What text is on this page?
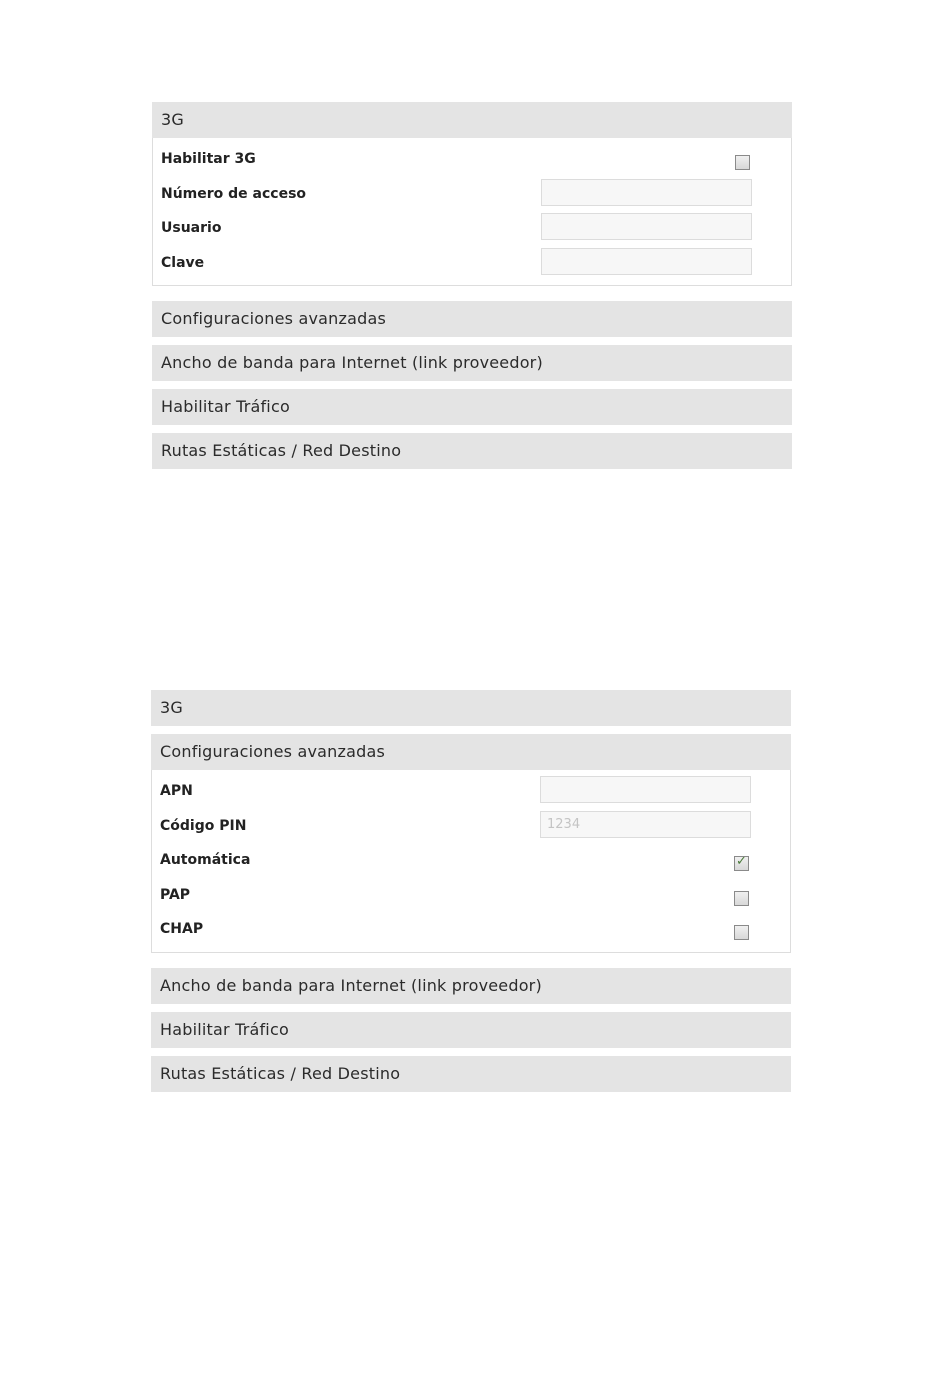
3G
Habilitar 3G
Número de acceso
Usuario
Clave
Configuraciones avanzadas
Ancho de banda para Internet (link proveedor)
Habilitar Tráfico
Rutas Estáticas / Red Destino
3G
Configuraciones avanzadas
APN
Código PIN
1234
Automática	✓
PAP
CHAP
Ancho de banda para Internet (link proveedor)
Habilitar Tráfico
Rutas Estáticas / Red Destino
